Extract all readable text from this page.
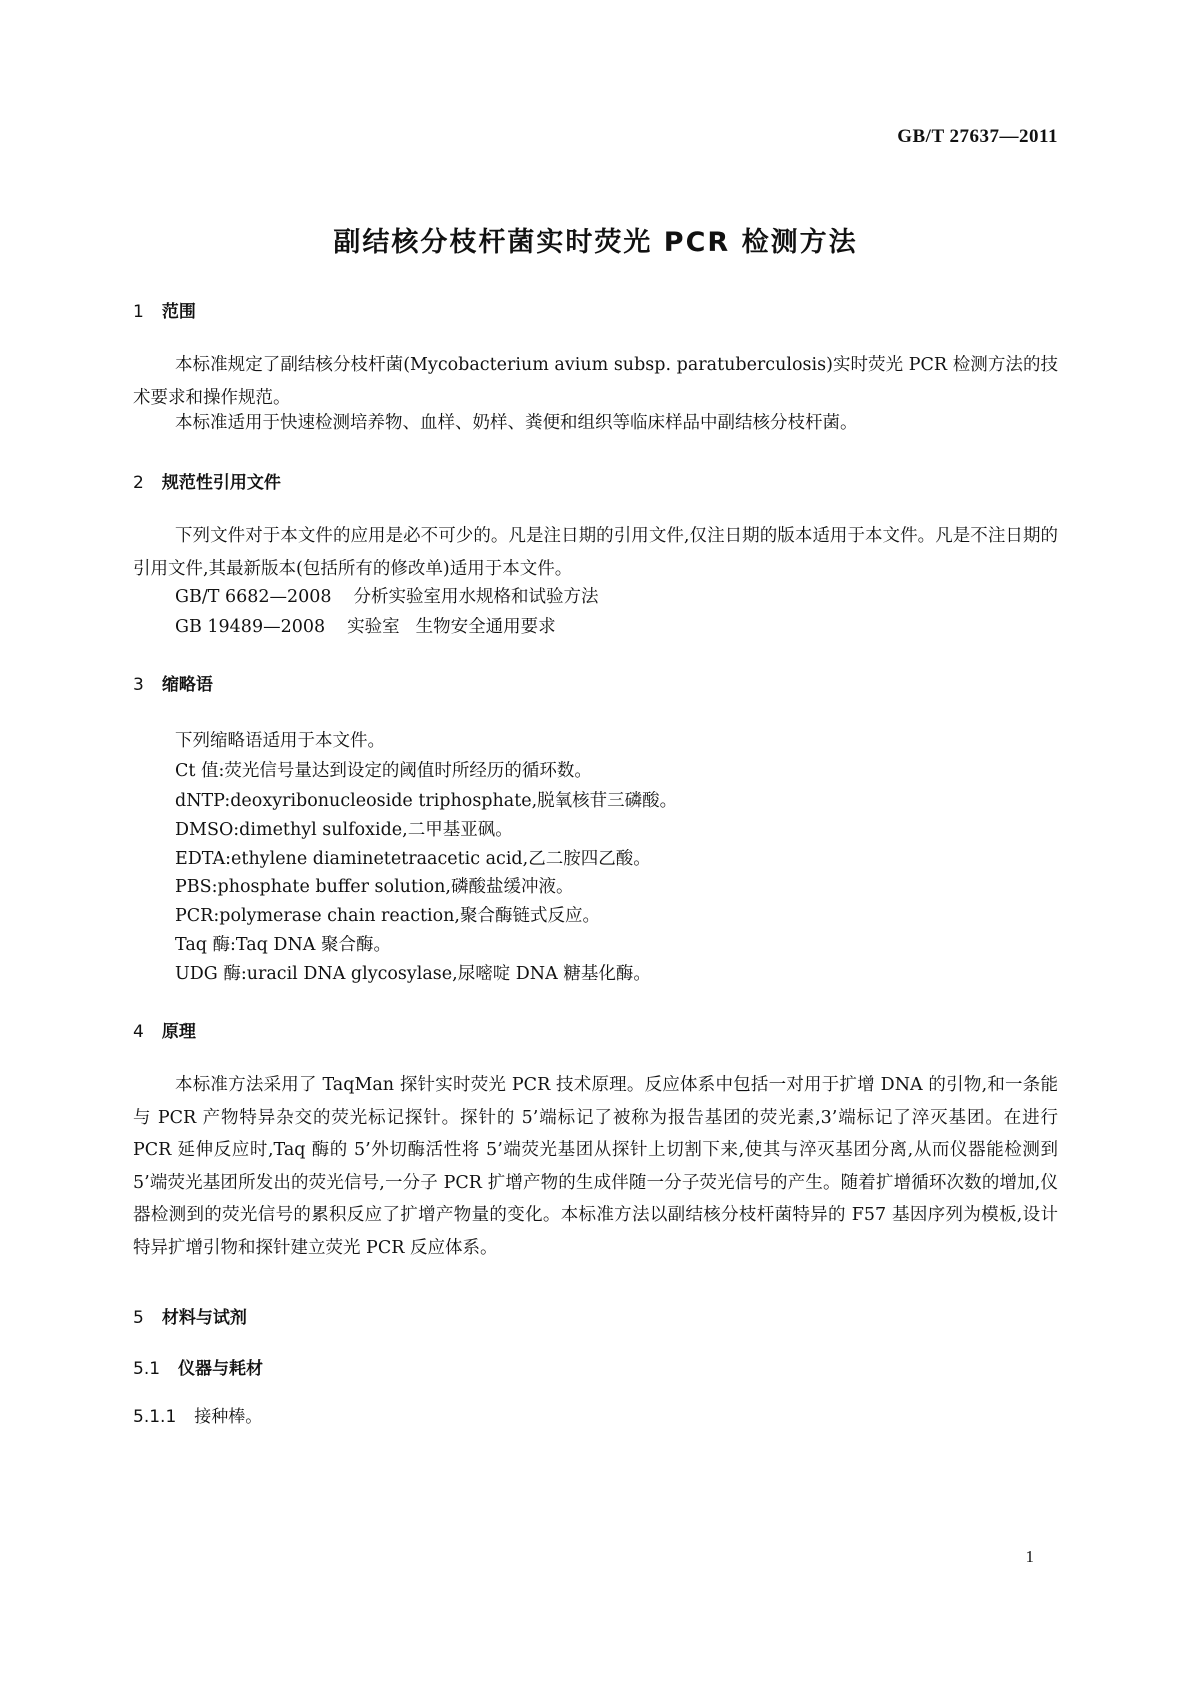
GB/T 27637—2011
副结核分枝杆菌实时荧光 PCR 检测方法
1 范围
本标准规定了副结核分枝杆菌(Mycobacterium avium subsp. paratuberculosis)实时荧光 PCR 检测方法的技术要求和操作规范。
本标准适用于快速检测培养物、血样、奶样、粪便和组织等临床样品中副结核分枝杆菌。
2 规范性引用文件
下列文件对于本文件的应用是必不可少的。凡是注日期的引用文件,仅注日期的版本适用于本文件。凡是不注日期的引用文件,其最新版本(包括所有的修改单)适用于本文件。
GB/T 6682—2008 分析实验室用水规格和试验方法
GB 19489—2008 实验室 生物安全通用要求
3 缩略语
下列缩略语适用于本文件。
Ct 值:荧光信号量达到设定的阈值时所经历的循环数。
dNTP:deoxyribonucleoside triphosphate,脱氧核苷三磷酸。
DMSO:dimethyl sulfoxide,二甲基亚砜。
EDTA:ethylene diaminetetraacetic acid,乙二胺四乙酸。
PBS:phosphate buffer solution,磷酸盐缓冲液。
PCR:polymerase chain reaction,聚合酶链式反应。
Taq 酶:Taq DNA 聚合酶。
UDG 酶:uracil DNA glycosylase,尿嘧啶 DNA 糖基化酶。
4 原理
本标准方法采用了 TaqMan 探针实时荧光 PCR 技术原理。反应体系中包括一对用于扩增 DNA 的引物,和一条能与 PCR 产物特异杂交的荧光标记探针。探针的 5’端标记了被称为报告基团的荧光素,3’端标记了淬灭基团。在进行 PCR 延伸反应时,Taq 酶的 5’外切酶活性将 5’端荧光基团从探针上切割下来,使其与淬灭基团分离,从而仪器能检测到 5’端荧光基团所发出的荧光信号,一分子 PCR 扩增产物的生成伴随一分子荧光信号的产生。随着扩增循环次数的增加,仪器检测到的荧光信号的累积反应了扩增产物量的变化。本标准方法以副结核分枝杆菌特异的 F57 基因序列为模板,设计特异扩增引物和探针建立荧光 PCR 反应体系。
5 材料与试剂
5.1 仪器与耗材
5.1.1 接种棒。
1
